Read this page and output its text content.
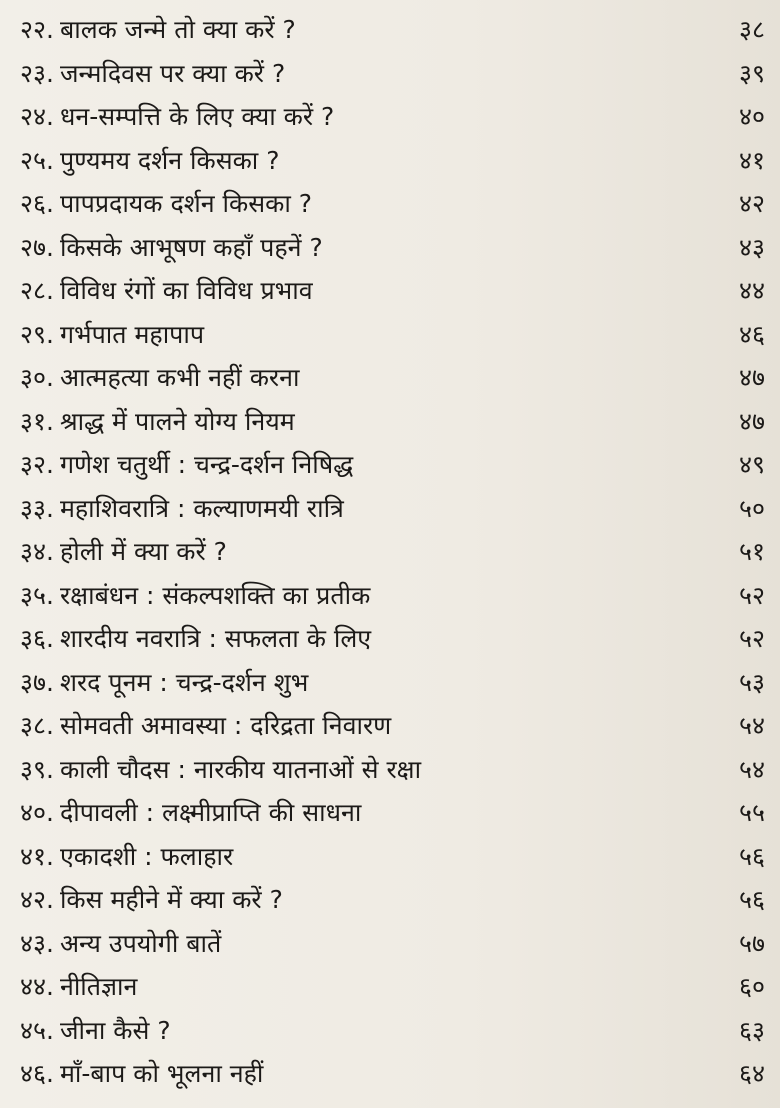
२२. बालक जन्मे तो क्या करें ?	३८
२३. जन्मदिवस पर क्या करें ?	३९
२४. धन-सम्पत्ति के लिए क्या करें ?	४०
२५. पुण्यमय दर्शन किसका ?	४१
२६. पापप्रदायक दर्शन किसका ?	४२
२७. किसके आभूषण कहाँ पहनें ?	४३
२८. विविध रंगों का विविध प्रभाव	४४
२९. गर्भपात महापाप	४६
३०. आत्महत्या कभी नहीं करना	४७
३१. श्राद्ध में पालने योग्य नियम	४७
३२. गणेश चतुर्थी : चन्द्र-दर्शन निषिद्ध	४९
३३. महाशिवरात्रि : कल्याणमयी रात्रि	५०
३४. होली में क्या करें ?	५१
३५. रक्षाबंधन : संकल्पशक्ति का प्रतीक	५२
३६. शारदीय नवरात्रि : सफलता के लिए	५२
३७. शरद पूनम : चन्द्र-दर्शन शुभ	५३
३८. सोमवती अमावस्या : दरिद्रता निवारण	५४
३९. काली चौदस : नारकीय यातनाओं से रक्षा	५४
४०. दीपावली : लक्ष्मीप्राप्ति की साधना	५५
४१. एकादशी : फलाहार	५६
४२. किस महीने में क्या करें ?	५६
४३. अन्य उपयोगी बातें	५७
४४. नीतिज्ञान	६०
४५. जीना कैसे ?	६३
४६. माँ-बाप को भूलना नहीं	६४
